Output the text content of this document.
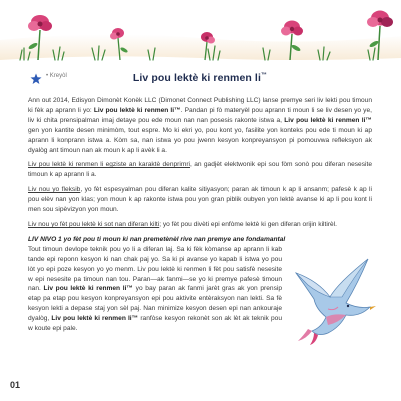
• Kreyòl	Liv pou lektè ki renmen li™

Ann out 2014, Edisyon Dimonèt Konèk LLC (Dimonet Connect Publishing LLC) lanse premye seri liv lekti pou timoun ki fèk ap aprann li yo: Liv pou lektè ki renmen li™. Pandan pi fò materyèl pou aprann ti moun li se liv desen yo ye, liv ki chita prensipalman imaj detaye pou ede moun nan nan posesis rakonte istwa a, Liv pou lektè ki renmen li™ gen yon kantite desen minimòm, tout espre. Mo ki ekri yo, pou kont yo, fasilite yon konteks pou ede ti moun ki ap aprann li konprann istwa a. Kòm sa, nan istwa yo pou jwenn kesyon konpreyansyon pi pomouvwa refleksyon ak dyalòg ant timoun nan ak moun k ap li avèk li a.

Liv pou lektè ki renmen li egziste an karaktè denprimri, an gadjèt elektwonik epi sou fòm sonò pou diferan nesesite timoun k ap aprann li a.

Liv nou yo fleksib, yo fèt espesyalman pou diferan kalite sitiyasyon; paran ak timoun k ap li ansanm; pafesè k ap li pou elèv nan yon klas; yon moun k ap rakonte istwa pou yon gran piblik oubyen yon lektè avanse ki ap li pou kont li men sou sipèvizyon yon moun.

Liv nou yo fèt pou lektè ki sot nan diferan kilti; yo fèt pou divèti epi enfòme lektè ki gen diferan orijin kiltirèl.

LIV NIVO 1 yo fèt pou ti moun ki nan premetènèl rive nan premye ane fondamantal

Tout timoun devlope teknik pou yo li a diferan laj. Sa ki fèk kòmanse ap aprann li kab tande epi reponn kesyon ki nan chak paj yo. Sa ki pi avanse yo kapab li istwa yo pou lòt yo epi poze kesyon yo yo menm. Liv pou lektè ki renmen li fèt pou satisfè nesesite w epi nesesite pa timoun nan tou. Paran—ak fanmi—se yo ki premye pafesè timoun nan. Liv pou lektè ki renmen li™ yo bay paran ak fanmi jarèt gras ak yon prensip etap pa etap pou kesyon konpreyansyon epi pou aktivite entèraksyon nan lekti. Sa fè kesyon lekti a depase staj yon sèl paj. Nan minimize kesyon desen epi nan ankouraje dyalòg, Liv pou lektè ki renmen li™ ranfòse kesyon rekonèt son ak lèt ak teknik pou w koute epi pale.

01
